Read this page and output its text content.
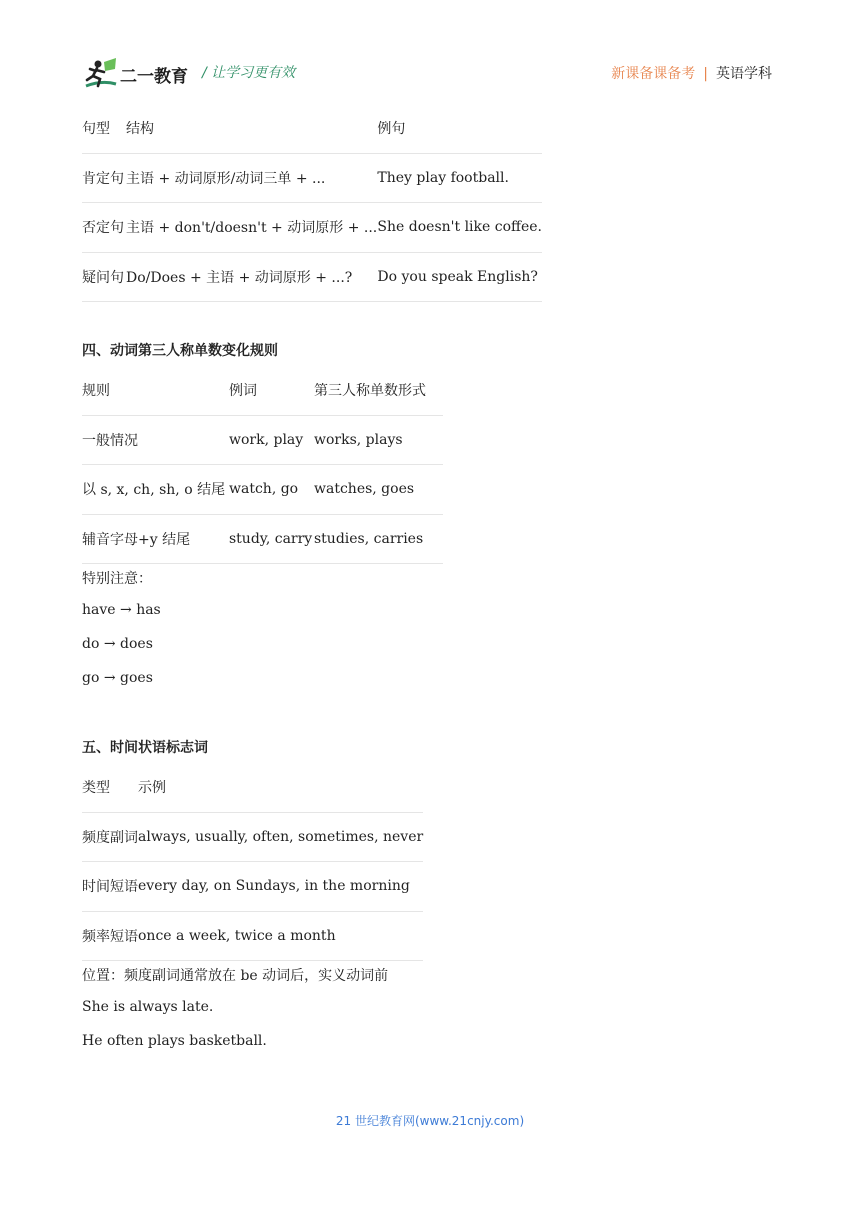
二一教育 / 让学习更有效	新课备课备考 | 英语学科
句型	结构	例句
肯定句	主语 + 动词原形/动词三单 + ...	They play football.
否定句	主语 + don't/doesn't + 动词原形 + ...	She doesn't like coffee.
疑问句	Do/Does + 主语 + 动词原形 + ...?	Do you speak English?
四、动词第三人称单数变化规则
规则	例词	第三人称单数形式
一般情况	work, play	works, plays
以 s, x, ch, sh, o 结尾	watch, go	watches, goes
辅音字母+y 结尾	study, carry	studies, carries
特别注意：
have → has
do → does
go → goes
五、时间状语标志词
类型	示例
频度副词	always, usually, often, sometimes, never
时间短语	every day, on Sundays, in the morning
频率短语	once a week, twice a month
位置：频度副词通常放在 be 动词后，实义动词前
She is always late.
He often plays basketball.
21 世纪教育网(www.21cnjy.com)
